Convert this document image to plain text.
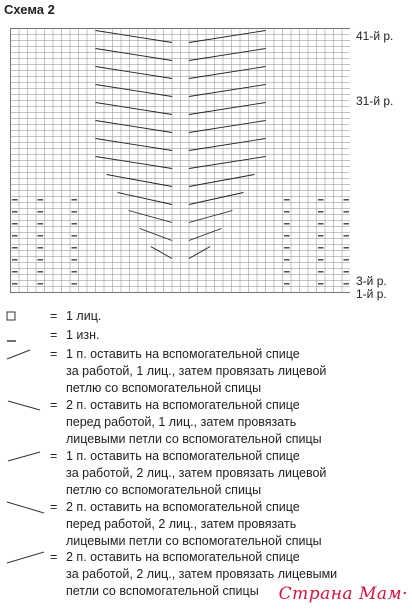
Схема 2
41-й р.
31-й р.
3-й р.
1-й р.
= 1 лиц.
= 1 изн.
= 1 п. оставить на вспомогательной спице
за работой, 1 лиц., затем провязать лицевой
петлю со вспомогательной спицы
= 2 п. оставить на вспомогательной спице
перед работой, 1 лиц., затем провязать
лицевыми петли со вспомогательной спицы
= 1 п. оставить на вспомогательной спице
за работой, 2 лиц., затем провязать лицевой
петлю со вспомогательной спицы
= 2 п. оставить на вспомогательной спице
перед работой, 2 лиц., затем провязать
лицевыми петли со вспомогательной спицы
= 2 п. оставить на вспомогательной спице
за работой, 2 лиц., затем провязать лицевыми
петли со вспомогательной спицы	Страна Мам·
